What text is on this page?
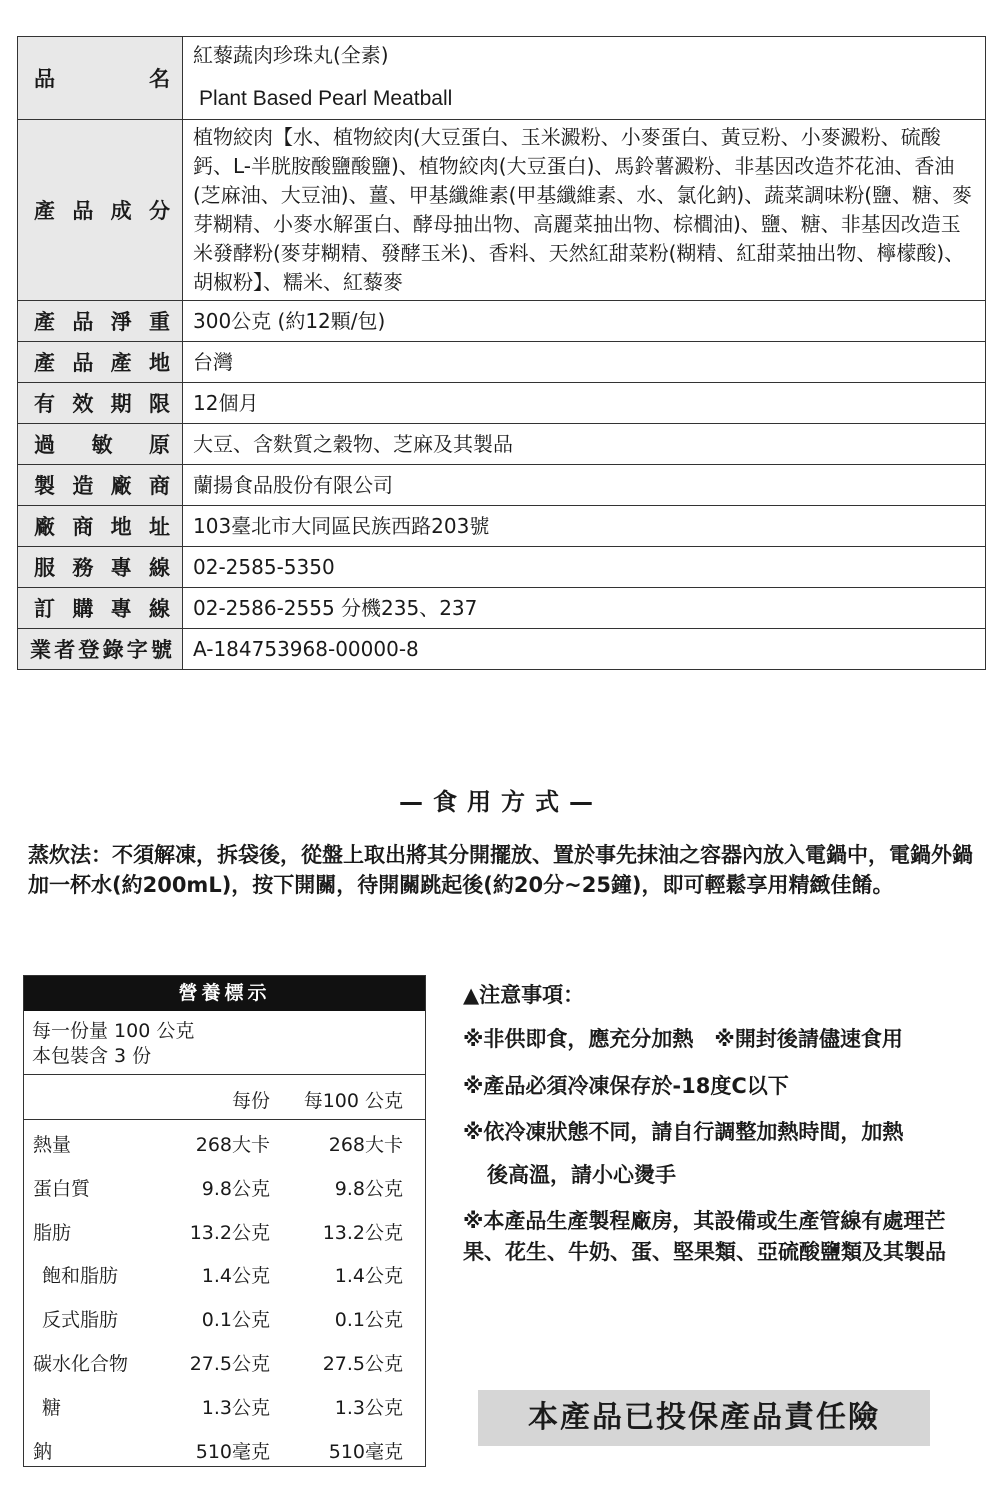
品名	紅藜蔬肉珍珠丸(全素)
Plant Based Pearl Meatball

產品成分	植物絞肉【水、植物絞肉(大豆蛋白、玉米澱粉、小麥蛋白、黃豆粉、小麥澱粉、硫酸鈣、L-半胱胺酸鹽酸鹽)、植物絞肉(大豆蛋白)、馬鈴薯澱粉、非基因改造芥花油、香油(芝麻油、大豆油)、薑、甲基纖維素(甲基纖維素、水、氯化鈉)、蔬菜調味粉(鹽、糖、麥芽糊精、小麥水解蛋白、酵母抽出物、高麗菜抽出物、棕櫚油)、鹽、糖、非基因改造玉米發酵粉(麥芽糊精、發酵玉米)、香料、天然紅甜菜粉(糊精、紅甜菜抽出物、檸檬酸)、胡椒粉】、糯米、紅藜麥
產品淨重	300公克 (約12顆/包)
產品產地	台灣
有效期限	12個月
過敏原	大豆、含麩質之穀物、芝麻及其製品
製造廠商	蘭揚食品股份有限公司
廠商地址	103臺北市大同區民族西路203號
服務專線	02-2585-5350
訂購專線	02-2586-2555 分機235、237
業者登錄字號	A-184753968-00000-8
—食用方式—
蒸炊法：不須解凍，拆袋後，從盤上取出將其分開擺放、置於事先抹油之容器內放入電鍋中，電鍋外鍋加一杯水(約200mL)，按下開關，待開關跳起後(約20分~25鐘)，即可輕鬆享用精緻佳餚。
營養標示
每一份量 100 公克
本包裝含 3 份
每份 每100 公克
熱量	268大卡	268大卡
蛋白質	9.8公克	9.8公克
脂肪	13.2公克	13.2公克
飽和脂肪	1.4公克	1.4公克
反式脂肪	0.1公克	0.1公克
碳水化合物	27.5公克	27.5公克
糖	1.3公克	1.3公克
鈉	510毫克	510毫克
▲注意事項：
※非供即食，應充分加熱　※開封後請儘速食用
※產品必須冷凍保存於-18度C以下
※依冷凍狀態不同，請自行調整加熱時間，加熱
後高溫，請小心燙手
※本產品生產製程廠房，其設備或生產管線有處理芒果、花生、牛奶、蛋、堅果類、亞硫酸鹽類及其製品
本產品已投保產品責任險
